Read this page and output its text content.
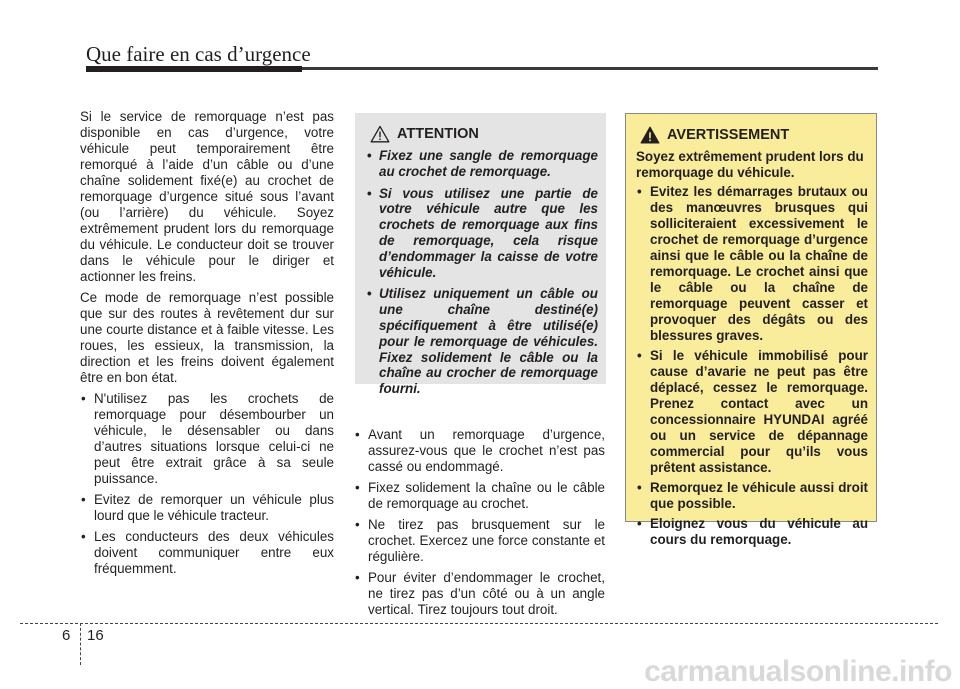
Que faire en cas d’urgence

Si le service de remorquage n’est pas disponible en cas d’urgence, votre véhicule peut temporairement être remorqué à l’aide d’un câble ou d’une chaîne solidement fixé(e) au crochet de remorquage d’urgence situé sous l’avant (ou l’arrière) du véhicule. Soyez extrêmement prudent lors du remorquage du véhicule. Le conducteur doit se trouver dans le véhicule pour le diriger et actionner les freins.

Ce mode de remorquage n’est possible que sur des routes à revêtement dur sur une courte distance et à faible vitesse. Les roues, les essieux, la transmission, la direction et les freins doivent également être en bon état.

• N'utilisez pas les crochets de remorquage pour désembourber un véhicule, le désensabler ou dans d’autres situations lorsque celui-ci ne peut être extrait grâce à sa seule puissance.
• Evitez de remorquer un véhicule plus lourd que le véhicule tracteur.
• Les conducteurs des deux véhicules doivent communiquer entre eux fréquemment.
ATTENTION
• Fixez une sangle de remorquage au crochet de remorquage.
• Si vous utilisez une partie de votre véhicule autre que les crochets de remorquage aux fins de remorquage, cela risque d’endommager la caisse de votre véhicule.
• Utilisez uniquement un câble ou une chaîne destiné(e) spécifiquement à être utilisé(e) pour le remorquage de véhicules. Fixez solidement le câble ou la chaîne au crocher de remorquage fourni.
• Avant un remorquage d’urgence, assurez-vous que le crochet n’est pas cassé ou endommagé.
• Fixez solidement la chaîne ou le câble de remorquage au crochet.
• Ne tirez pas brusquement sur le crochet. Exercez une force constante et régulière.
• Pour éviter d’endommager le crochet, ne tirez pas d’un côté ou à un angle vertical. Tirez toujours tout droit.
AVERTISSEMENT

Soyez extrêmement prudent lors du remorquage du véhicule.

• Evitez les démarrages brutaux ou des manœuvres brusques qui solliciteraient excessivement le crochet de remorquage d’urgence ainsi que le câble ou la chaîne de remorquage. Le crochet ainsi que le câble ou la chaîne de remorquage peuvent casser et provoquer des dégâts ou des blessures graves.
• Si le véhicule immobilisé pour cause d’avarie ne peut pas être déplacé, cessez le remorquage. Prenez contact avec un concessionnaire HYUNDAI agréé ou un service de dépannage commercial pour qu’ils vous prêtent assistance.
• Remorquez le véhicule aussi droit que possible.
• Eloignez vous du véhicule au cours du remorquage.
6 16
carmanualsonline.info
